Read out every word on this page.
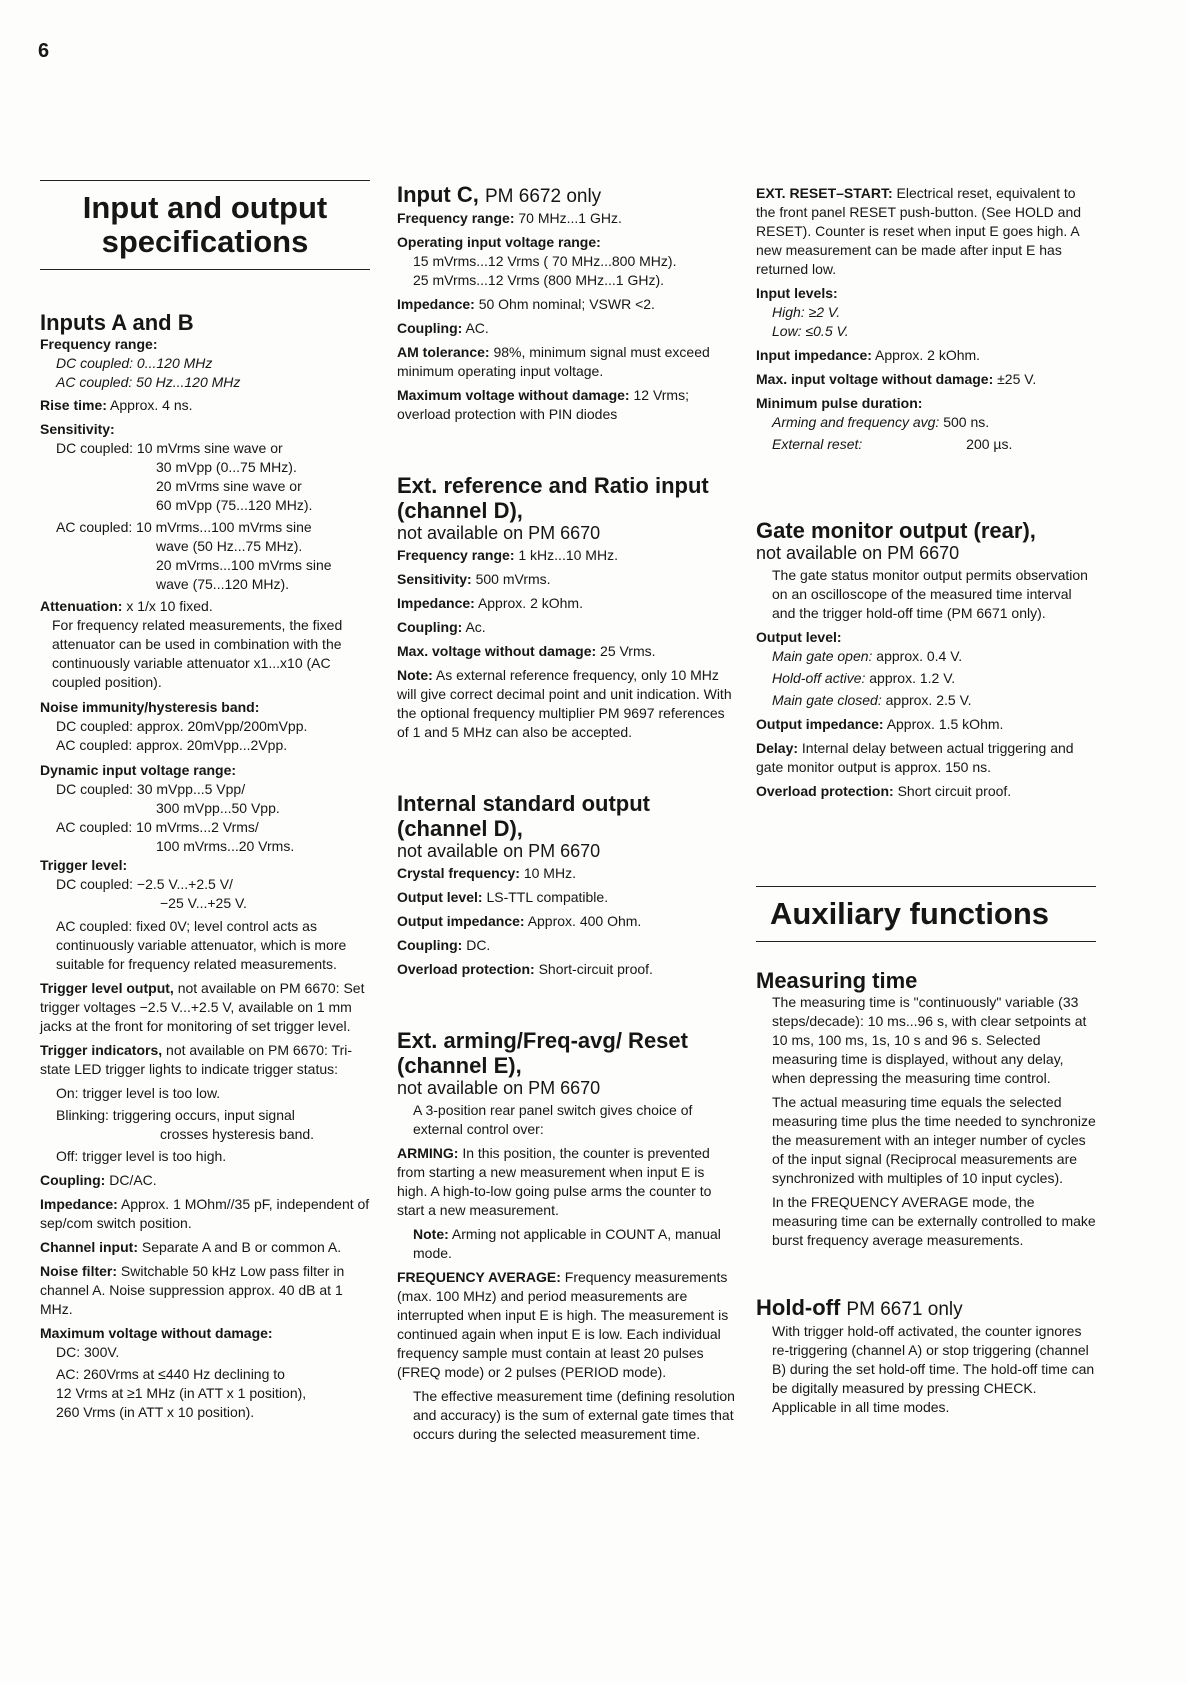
6
Input and output specifications
Inputs A and B
Frequency range:
DC coupled: 0...120 MHz
AC coupled: 50 Hz...120 MHz
Rise time: Approx. 4 ns.
Sensitivity:
DC coupled: 10 mVrms sine wave or
30 mVpp (0...75 MHz).
20 mVrms sine wave or
60 mVpp (75...120 MHz).
AC coupled: 10 mVrms...100 mVrms sine
wave (50 Hz...75 MHz).
20 mVrms...100 mVrms sine
wave (75...120 MHz).
Attenuation: x 1/x 10 fixed.
For frequency related measurements, the fixed attenuator can be used in combination with the continuously variable attenuator x1...x10 (AC coupled position).
Noise immunity/hysteresis band:
DC coupled: approx. 20mVpp/200mVpp.
AC coupled: approx. 20mVpp...2Vpp.
Dynamic input voltage range:
DC coupled: 30 mVpp...5 Vpp/
300 mVpp...50 Vpp.
AC coupled: 10 mVrms...2 Vrms/
100 mVrms...20 Vrms.
Trigger level:
DC coupled: −2.5 V...+2.5 V/
−25 V...+25 V.
AC coupled: fixed 0V; level control acts as continuously variable attenuator, which is more suitable for frequency related measurements.
Trigger level output, not available on PM 6670: Set trigger voltages −2.5 V...+2.5 V, available on 1 mm jacks at the front for monitoring of set trigger level.
Trigger indicators, not available on PM 6670: Tri-state LED trigger lights to indicate trigger status:
On: trigger level is too low.
Blinking: triggering occurs, input signal
crosses hysteresis band.
Off: trigger level is too high.
Coupling: DC/AC.
Impedance: Approx. 1 MOhm//35 pF, independent of sep/com switch position.
Channel input: Separate A and B or common A.
Noise filter: Switchable 50 kHz Low pass filter in channel A. Noise suppression approx. 40 dB at 1 MHz.
Maximum voltage without damage:
DC: 300V.
AC: 260Vrms at ≤440 Hz declining to
12 Vrms at ≥1 MHz (in ATT x 1 position),
260 Vrms (in ATT x 10 position).
Input C, PM 6672 only
Frequency range: 70 MHz...1 GHz.
Operating input voltage range:
15 mVrms...12 Vrms ( 70 MHz...800 MHz).
25 mVrms...12 Vrms (800 MHz...1 GHz).
Impedance: 50 Ohm nominal; VSWR <2.
Coupling: AC.
AM tolerance: 98%, minimum signal must exceed minimum operating input voltage.
Maximum voltage without damage: 12 Vrms; overload protection with PIN diodes
Ext. reference and Ratio input (channel D),
not available on PM 6670
Frequency range: 1 kHz...10 MHz.
Sensitivity: 500 mVrms.
Impedance: Approx. 2 kOhm.
Coupling: Ac.
Max. voltage without damage: 25 Vrms.
Note: As external reference frequency, only 10 MHz will give correct decimal point and unit indication. With the optional frequency multiplier PM 9697 references of 1 and 5 MHz can also be accepted.
Internal standard output (channel D),
not available on PM 6670
Crystal frequency: 10 MHz.
Output level: LS-TTL compatible.
Output impedance: Approx. 400 Ohm.
Coupling: DC.
Overload protection: Short-circuit proof.
Ext. arming/Freq-avg/ Reset (channel E),
not available on PM 6670
A 3-position rear panel switch gives choice of external control over:
ARMING: In this position, the counter is prevented from starting a new measurement when input E is high. A high-to-low going pulse arms the counter to start a new measurement.
Note: Arming not applicable in COUNT A, manual mode.
FREQUENCY AVERAGE: Frequency measurements (max. 100 MHz) and period measurements are interrupted when input E is high. The measurement is continued again when input E is low. Each individual frequency sample must contain at least 20 pulses (FREQ mode) or 2 pulses (PERIOD mode).
The effective measurement time (defining resolution and accuracy) is the sum of external gate times that occurs during the selected measurement time.
EXT. RESET–START: Electrical reset, equivalent to the front panel RESET push-button. (See HOLD and RESET). Counter is reset when input E goes high. A new measurement can be made after input E has returned low.
Input levels:
High: ≥2 V.
Low: ≤0.5 V.
Input impedance: Approx. 2 kOhm.
Max. input voltage without damage: ±25 V.
Minimum pulse duration:
Arming and frequency avg: 500 ns.
External reset:	200 µs.
Gate monitor output (rear),
not available on PM 6670
The gate status monitor output permits observation on an oscilloscope of the measured time interval and the trigger hold-off time (PM 6671 only).
Output level:
Main gate open: approx. 0.4 V.
Hold-off active: approx. 1.2 V.
Main gate closed: approx. 2.5 V.
Output impedance: Approx. 1.5 kOhm.
Delay: Internal delay between actual triggering and gate monitor output is approx. 150 ns.
Overload protection: Short circuit proof.
Auxiliary functions
Measuring time
The measuring time is "continuously" variable (33 steps/decade): 10 ms...96 s, with clear setpoints at 10 ms, 100 ms, 1s, 10 s and 96 s. Selected measuring time is displayed, without any delay, when depressing the measuring time control.
The actual measuring time equals the selected measuring time plus the time needed to synchronize the measurement with an integer number of cycles of the input signal (Reciprocal measurements are synchronized with multiples of 10 input cycles).
In the FREQUENCY AVERAGE mode, the measuring time can be externally controlled to make burst frequency average measurements.
Hold-off PM 6671 only
With trigger hold-off activated, the counter ignores re-triggering (channel A) or stop triggering (channel B) during the set hold-off time. The hold-off time can be digitally measured by pressing CHECK. Applicable in all time modes.
